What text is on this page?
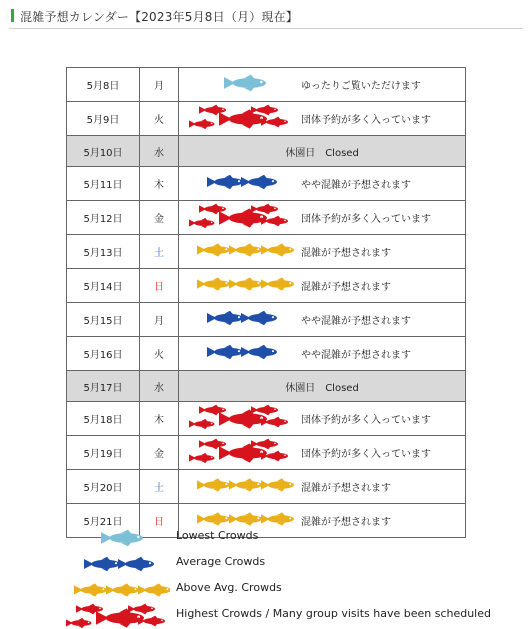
混雑予想カレンダー【2023年5月8日（月）現在】
5月8日	月		ゆったりご覧いただけます
5月9日	火		団体予約が多く入っています
5月10日	水	休園日　Closed	
5月11日	木		やや混雑が予想されます
5月12日	金		団体予約が多く入っています
5月13日	土		混雑が予想されます
5月14日	日		混雑が予想されます
5月15日	月		やや混雑が予想されます
5月16日	火		やや混雑が予想されます
5月17日	水	休園日　Closed	
5月18日	木		団体予約が多く入っています
5月19日	金		団体予約が多く入っています
5月20日	土		混雑が予想されます
5月21日	日		混雑が予想されます
Lowest Crowds
Average Crowds
Above Avg. Crowds
Highest Crowds / Many group visits have been scheduled
